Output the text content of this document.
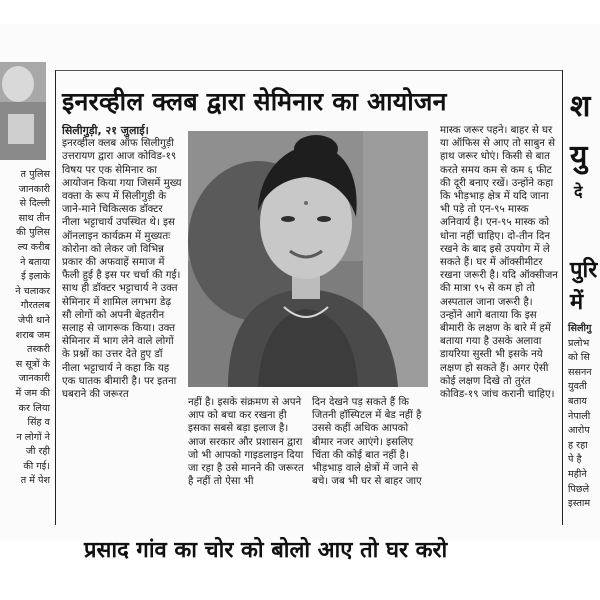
त पुलिस
जानकारी
से दिल्ली
साथ तीन
की पुलिस
ल्य करीब
ने बताया
ई इलाके
ने चलाकर
गौरतलब
जेपी थाने
शराब जम
तस्करी
स सूत्रों के
जानकारी
में जम की
कर लिया
सिंह व
न लोगों ने
जी रही
की गई।
त में पेश
इनरव्हील क्लब द्वारा सेमिनार का आयोजन
सिलीगुड़ी, २१ जुलाई।

इनरव्हील क्लब ऑफ सिलीगुड़ी उत्तरायण द्वारा आज कोविड-१९ विषय पर एक सेमिनार का आयोजन किया गया जिसमें मुख्य वक्ता के रूप में सिलीगुड़ी के जाने-माने चिकित्सक डॉक्टर नीला भट्टाचार्य उपस्थित थे। इस ऑनलाइन कार्यक्रम में मुख्यतः कोरोना को लेकर जो विभिन्न प्रकार की अफवाहें समाज में फैली हुई है इस पर चर्चा की गई। साथ ही डॉक्टर भट्टाचार्य ने उक्त सेमिनार में शामिल लगभग डेढ़ सौ लोगों को अपनी बेहतरीन सलाह से जागरूक किया। उक्त सेमिनार में भाग लेने वाले लोगों के प्रश्नों का उत्तर देते हुए डॉ नीला भट्टाचार्य ने कहा कि यह एक घातक बीमारी है। पर इतना घबराने की जरूरत

नहीं है। इसके संक्रमण से अपने आप को बचा कर रखना ही इसका सबसे बड़ा इलाज है। आज सरकार और प्रशासन द्वारा जो भी आपको गाइडलाइन दिया जा रहा है उसे मानने की जरूरत है नहीं तो ऐसा भी

दिन देखने पड़ सकते हैं कि जितनी हॉस्पिटल में बेड नहीं है उससे कहीं अधिक आपको बीमार नजर आएंगे। इसलिए चिंता की कोई बात नहीं है। भीड़भाड़ वाले क्षेत्रों में जाने से बचे। जब भी घर से बाहर जाए

मास्क जरूर पहने। बाहर से घर या ऑफिस से आए तो साबुन से हाथ जरूर धोएं। किसी से बात करते समय कम से कम ६ फीट की दूरी बनाए रखें। उन्होंने कहा कि भीड़भाड़ क्षेत्र में यदि जाना भी पड़े तो एन-९५ मास्क अनिवार्य है। एन-९५ मास्क को धोना नहीं चाहिए। दो-तीन दिन रखने के बाद इसे उपयोग में ले सकते हैं। घर में ऑक्सीमीटर रखना जरूरी है। यदि ऑक्सीजन की मात्रा ९५ से कम हो तो अस्पताल जाना जरूरी है। उन्होंने आगे बताया कि इस बीमारी के लक्षण के बारे में हमें बताया गया है उसके अलावा डायरिया सुस्ती भी इसके नये लक्षण हो सकते हैं। अगर ऐसी कोई लक्षण दिखे तो तुरंत कोविड-१९ जांच करानी चाहिए।

श
यु
दे
पुरि
में
सिलीगु
प्रलोभ
को सि
ससनन
युवती
बताय
नेपाली
आरोप
ह रहा
पे है
महीने
पिछले
इस्ताम
प्रसाद गांव का चोर को बोलो आए तो घर करो
